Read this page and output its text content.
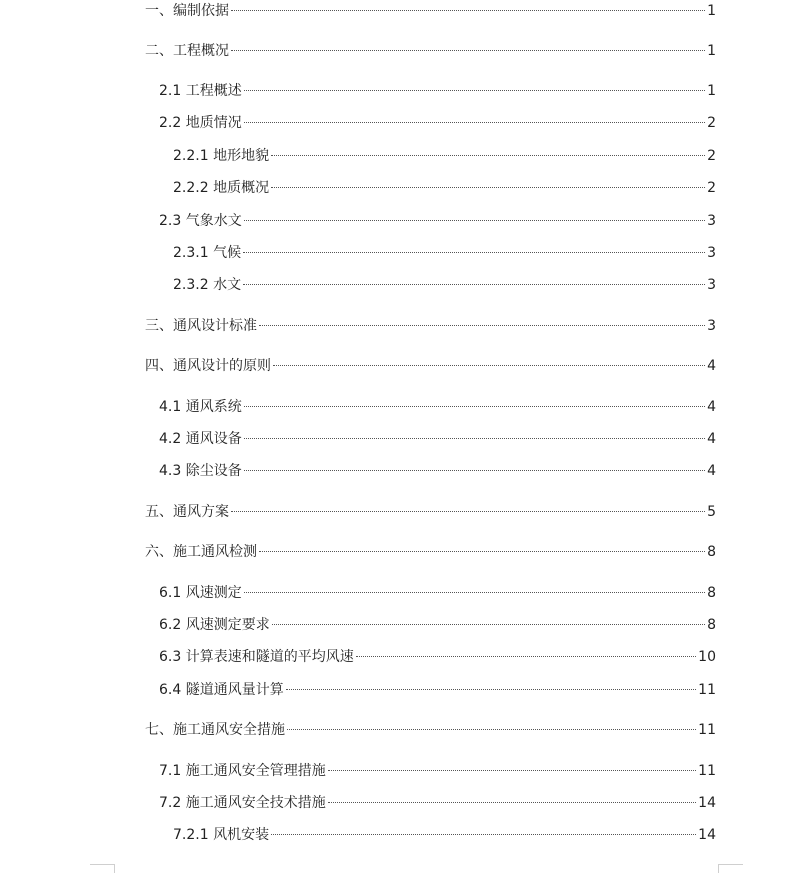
一、编制依据	1
二、工程概况	1
2.1 工程概述	1
2.2 地质情况	2
2.2.1 地形地貌	2
2.2.2 地质概况	2
2.3 气象水文	3
2.3.1 气候	3
2.3.2 水文	3
三、通风设计标准	3
四、通风设计的原则	4
4.1 通风系统	4
4.2 通风设备	4
4.3 除尘设备	4
五、通风方案	5
六、施工通风检测	8
6.1 风速测定	8
6.2 风速测定要求	8
6.3 计算表速和隧道的平均风速	10
6.4 隧道通风量计算	11
七、施工通风安全措施	11
7.1 施工通风安全管理措施	11
7.2 施工通风安全技术措施	14
7.2.1 风机安装	14
